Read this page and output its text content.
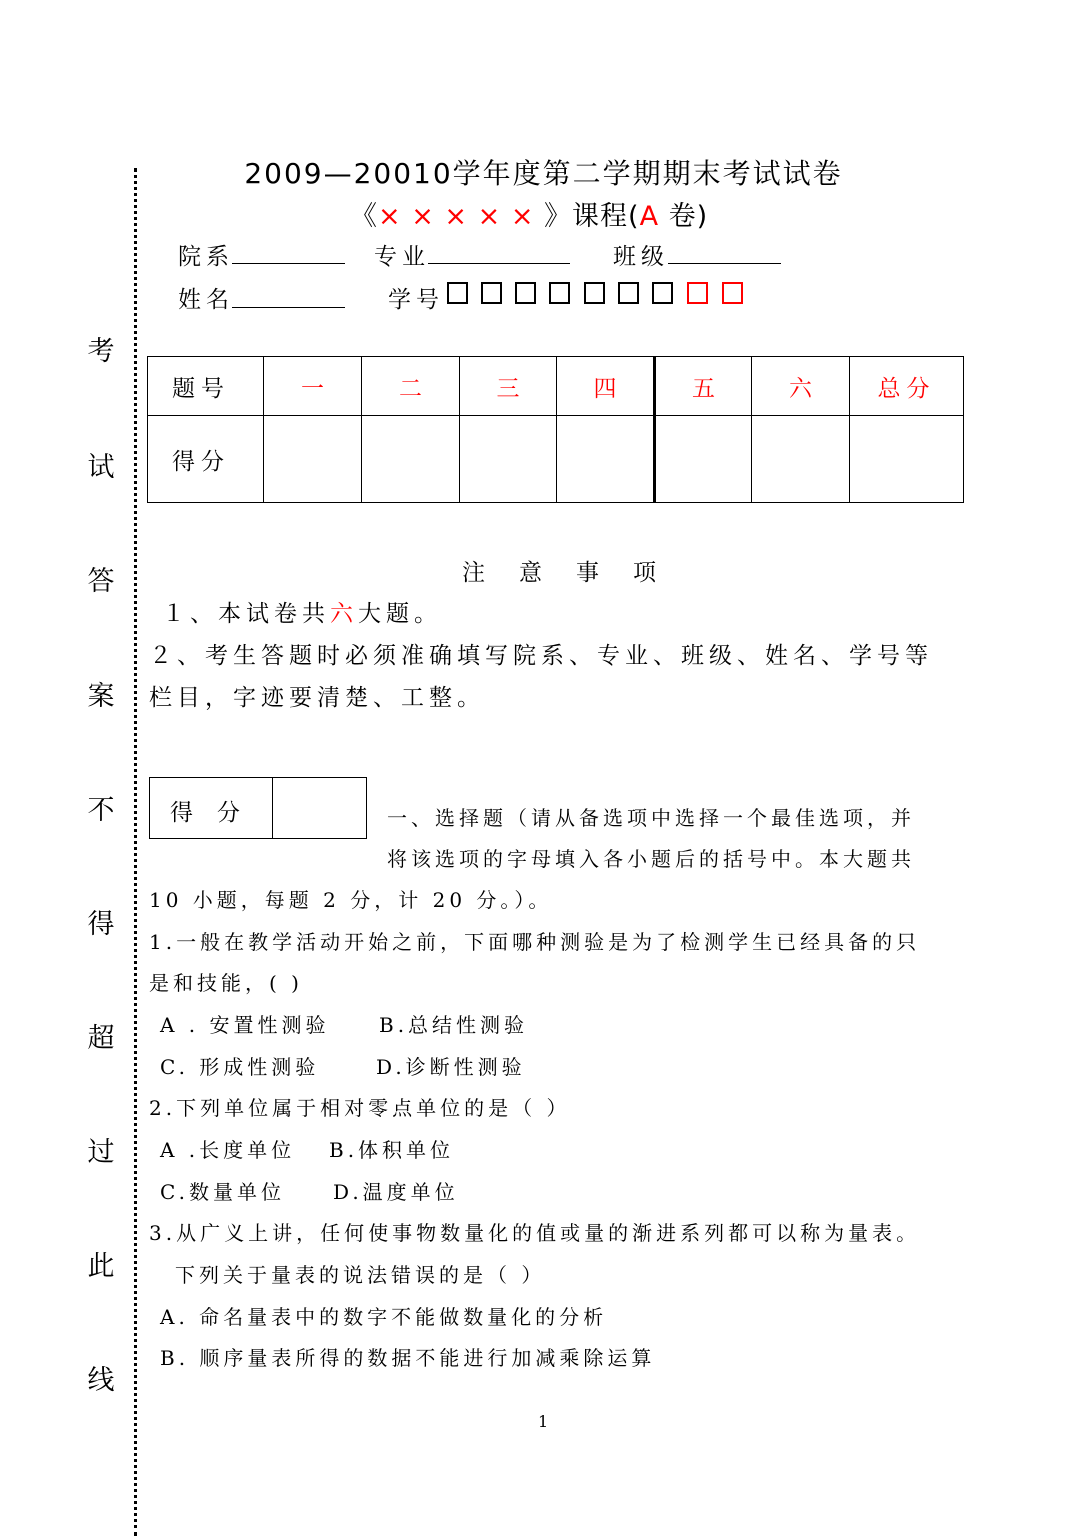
考
试
答
案
不
得
超
过
此
线
2009—20010学年度第二学期期末考试试卷
《× × × × × 》课程(A 卷)
院系	专业	班级
姓名	学号
题号	一	二	三	四	五	六	总分
得分							
注意事项
１、本试卷共六大题。
２、考生答题时必须准确填写院系、专业、班级、姓名、学号等
栏目，字迹要清楚、工整。
得分	一、选择题（请从备选项中选择一个最佳选项，并
将该选项的字母填入各小题后的括号中。本大题共
10 小题，每题 2 分，计 20 分。）。
1.一般在教学活动开始之前，下面哪种测验是为了检测学生已经具备的只
是和技能，( )
A . 安置性测验 B.总结性测验
C. 形成性测验	D.诊断性测验
2.下列单位属于相对零点单位的是（ ）
A .长度单位 B.体积单位
C.数量单位 D.温度单位
3.从广义上讲，任何使事物数量化的值或量的渐进系列都可以称为量表。
下列关于量表的说法错误的是（ ）
A. 命名量表中的数字不能做数量化的分析
B. 顺序量表所得的数据不能进行加减乘除运算
1
